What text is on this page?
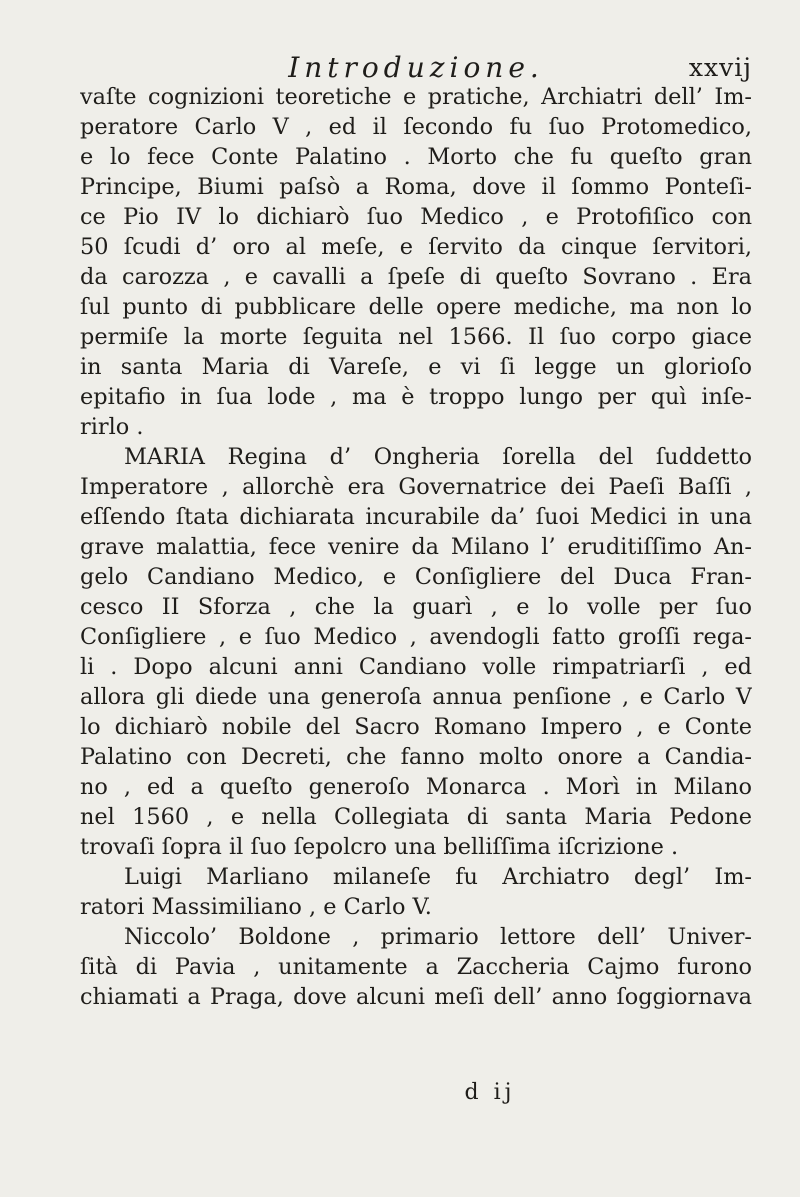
Introduzione.	xxvij
vaſte cognizioni teoretiche e pratiche, Archiatri dell’ Im-
peratore Carlo V , ed il ſecondo fu ſuo Protomedico,
e lo fece Conte Palatino . Morto che fu queſto gran
Principe, Biumi paſsò a Roma, dove il ſommo Ponteſi-
ce Pio IV lo dichiarò ſuo Medico , e Protofiſico con
50 ſcudi d’ oro al meſe, e ſervito da cinque ſervitori,
da carozza , e cavalli a ſpeſe di queſto Sovrano . Era
ſul punto di pubblicare delle opere mediche, ma non lo
permiſe la morte ſeguita nel 1566. Il ſuo corpo giace
in santa Maria di Vareſe, e vi ſi legge un glorioſo
epitafio in ſua lode , ma è troppo lungo per quì inſe-
rirlo .
MARIA Regina d’ Ongheria ſorella del ſuddetto
Imperatore , allorchè era Governatrice dei Paeſi Baſſi ,
eſſendo ſtata dichiarata incurabile da’ ſuoi Medici in una
grave malattia, fece venire da Milano l’ eruditiſſimo An-
gelo Candiano Medico, e Conſigliere del Duca Fran-
cesco II Sforza , che la guarì , e lo volle per ſuo
Conſigliere , e ſuo Medico , avendogli fatto groſſi rega-
li . Dopo alcuni anni Candiano volle rimpatriarſi , ed
allora gli diede una generoſa annua penſione , e Carlo V
lo dichiarò nobile del Sacro Romano Impero , e Conte
Palatino con Decreti, che fanno molto onore a Candia-
no , ed a queſto generoſo Monarca . Morì in Milano
nel 1560 , e nella Collegiata di santa Maria Pedone
trovaſi ſopra il ſuo ſepolcro una belliſſima iſcrizione .
Luigi Marliano milaneſe fu Archiatro degl’ Im-
ratori Massimiliano , e Carlo V.
Niccolo’ Boldone , primario lettore dell’ Univer-
ſità di Pavia , unitamente a Zaccheria Cajmo furono
chiamati a Praga, dove alcuni meſi dell’ anno ſoggiornava
d ij
